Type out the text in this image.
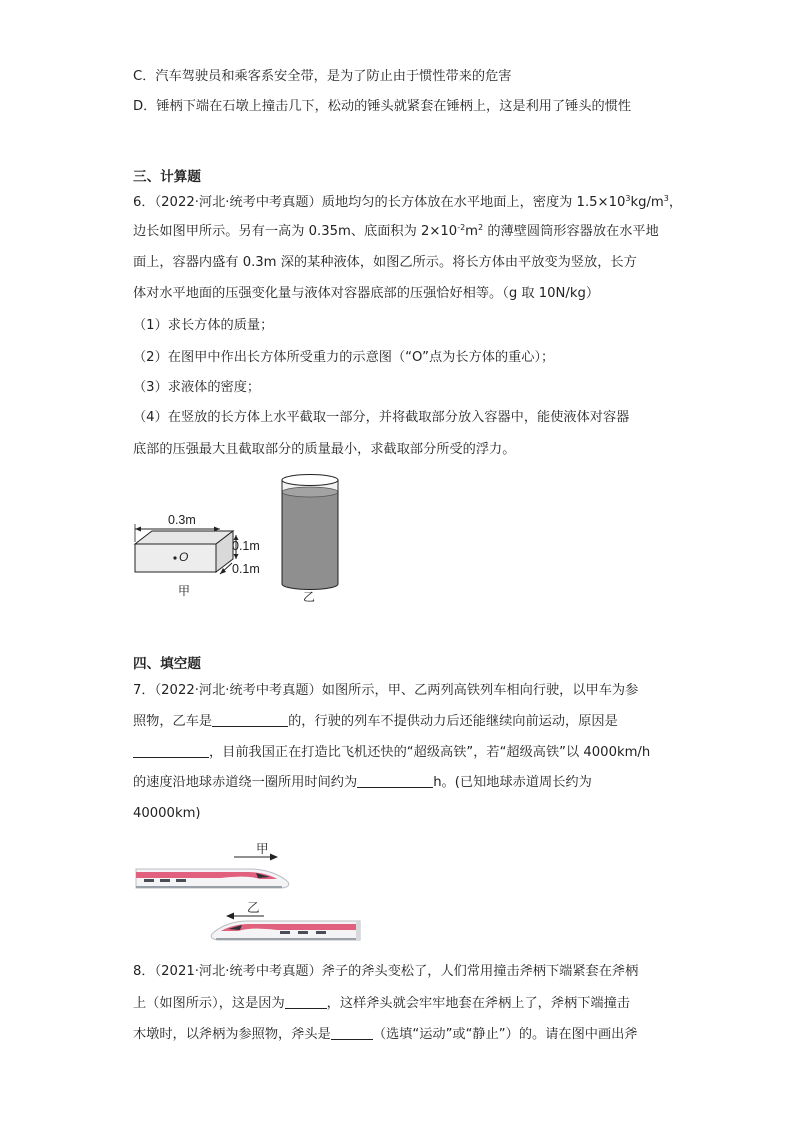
C．汽车驾驶员和乘客系安全带，是为了防止由于惯性带来的危害
D．锤柄下端在石墩上撞击几下，松动的锤头就紧套在锤柄上，这是利用了锤头的惯性
三、计算题
6．（2022·河北·统考中考真题）质地均匀的长方体放在水平地面上，密度为 $1.5\times 10^3kg/m^3$，
边长如图甲所示。另有一高为 0.35m、底面积为 $2\times 10^{-2}m^2$ 的薄壁圆筒形容器放在水平地
面上，容器内盛有 0.3m 深的某种液体，如图乙所示。将长方体由平放变为竖放，长方
体对水平地面的压强变化量与液体对容器底部的压强恰好相等。（g 取 10N/kg）
（1）求长方体的质量；
（2）在图甲中作出长方体所受重力的示意图（“O”点为长方体的重心）；
（3）求液体的密度；
（4）在竖放的长方体上水平截取一部分，并将截取部分放入容器中，能使液体对容器
底部的压强最大且截取部分的质量最小，求截取部分所受的浮力。
0.3m
O
0.1m
0.1m
甲	乙
四、填空题
7．（2022·河北·统考中考真题）如图所示，甲、乙两列高铁列车相向行驶，以甲车为参
照物，乙车是	的，行驶的列车不提供动力后还能继续向前运动，原因是
，目前我国正在打造比飞机还快的“超级高铁”，若“超级高铁”以 4000km/h
的速度沿地球赤道绕一圈所用时间约为	h。(已知地球赤道周长约为
40000km)
甲
乙
8．（2021·河北·统考中考真题）斧子的斧头变松了，人们常用撞击斧柄下端紧套在斧柄
上（如图所示），这是因为	，这样斧头就会牢牢地套在斧柄上了，斧柄下端撞击
木墩时，以斧柄为参照物，斧头是	（选填“运动”或“静止”）的。请在图中画出斧
